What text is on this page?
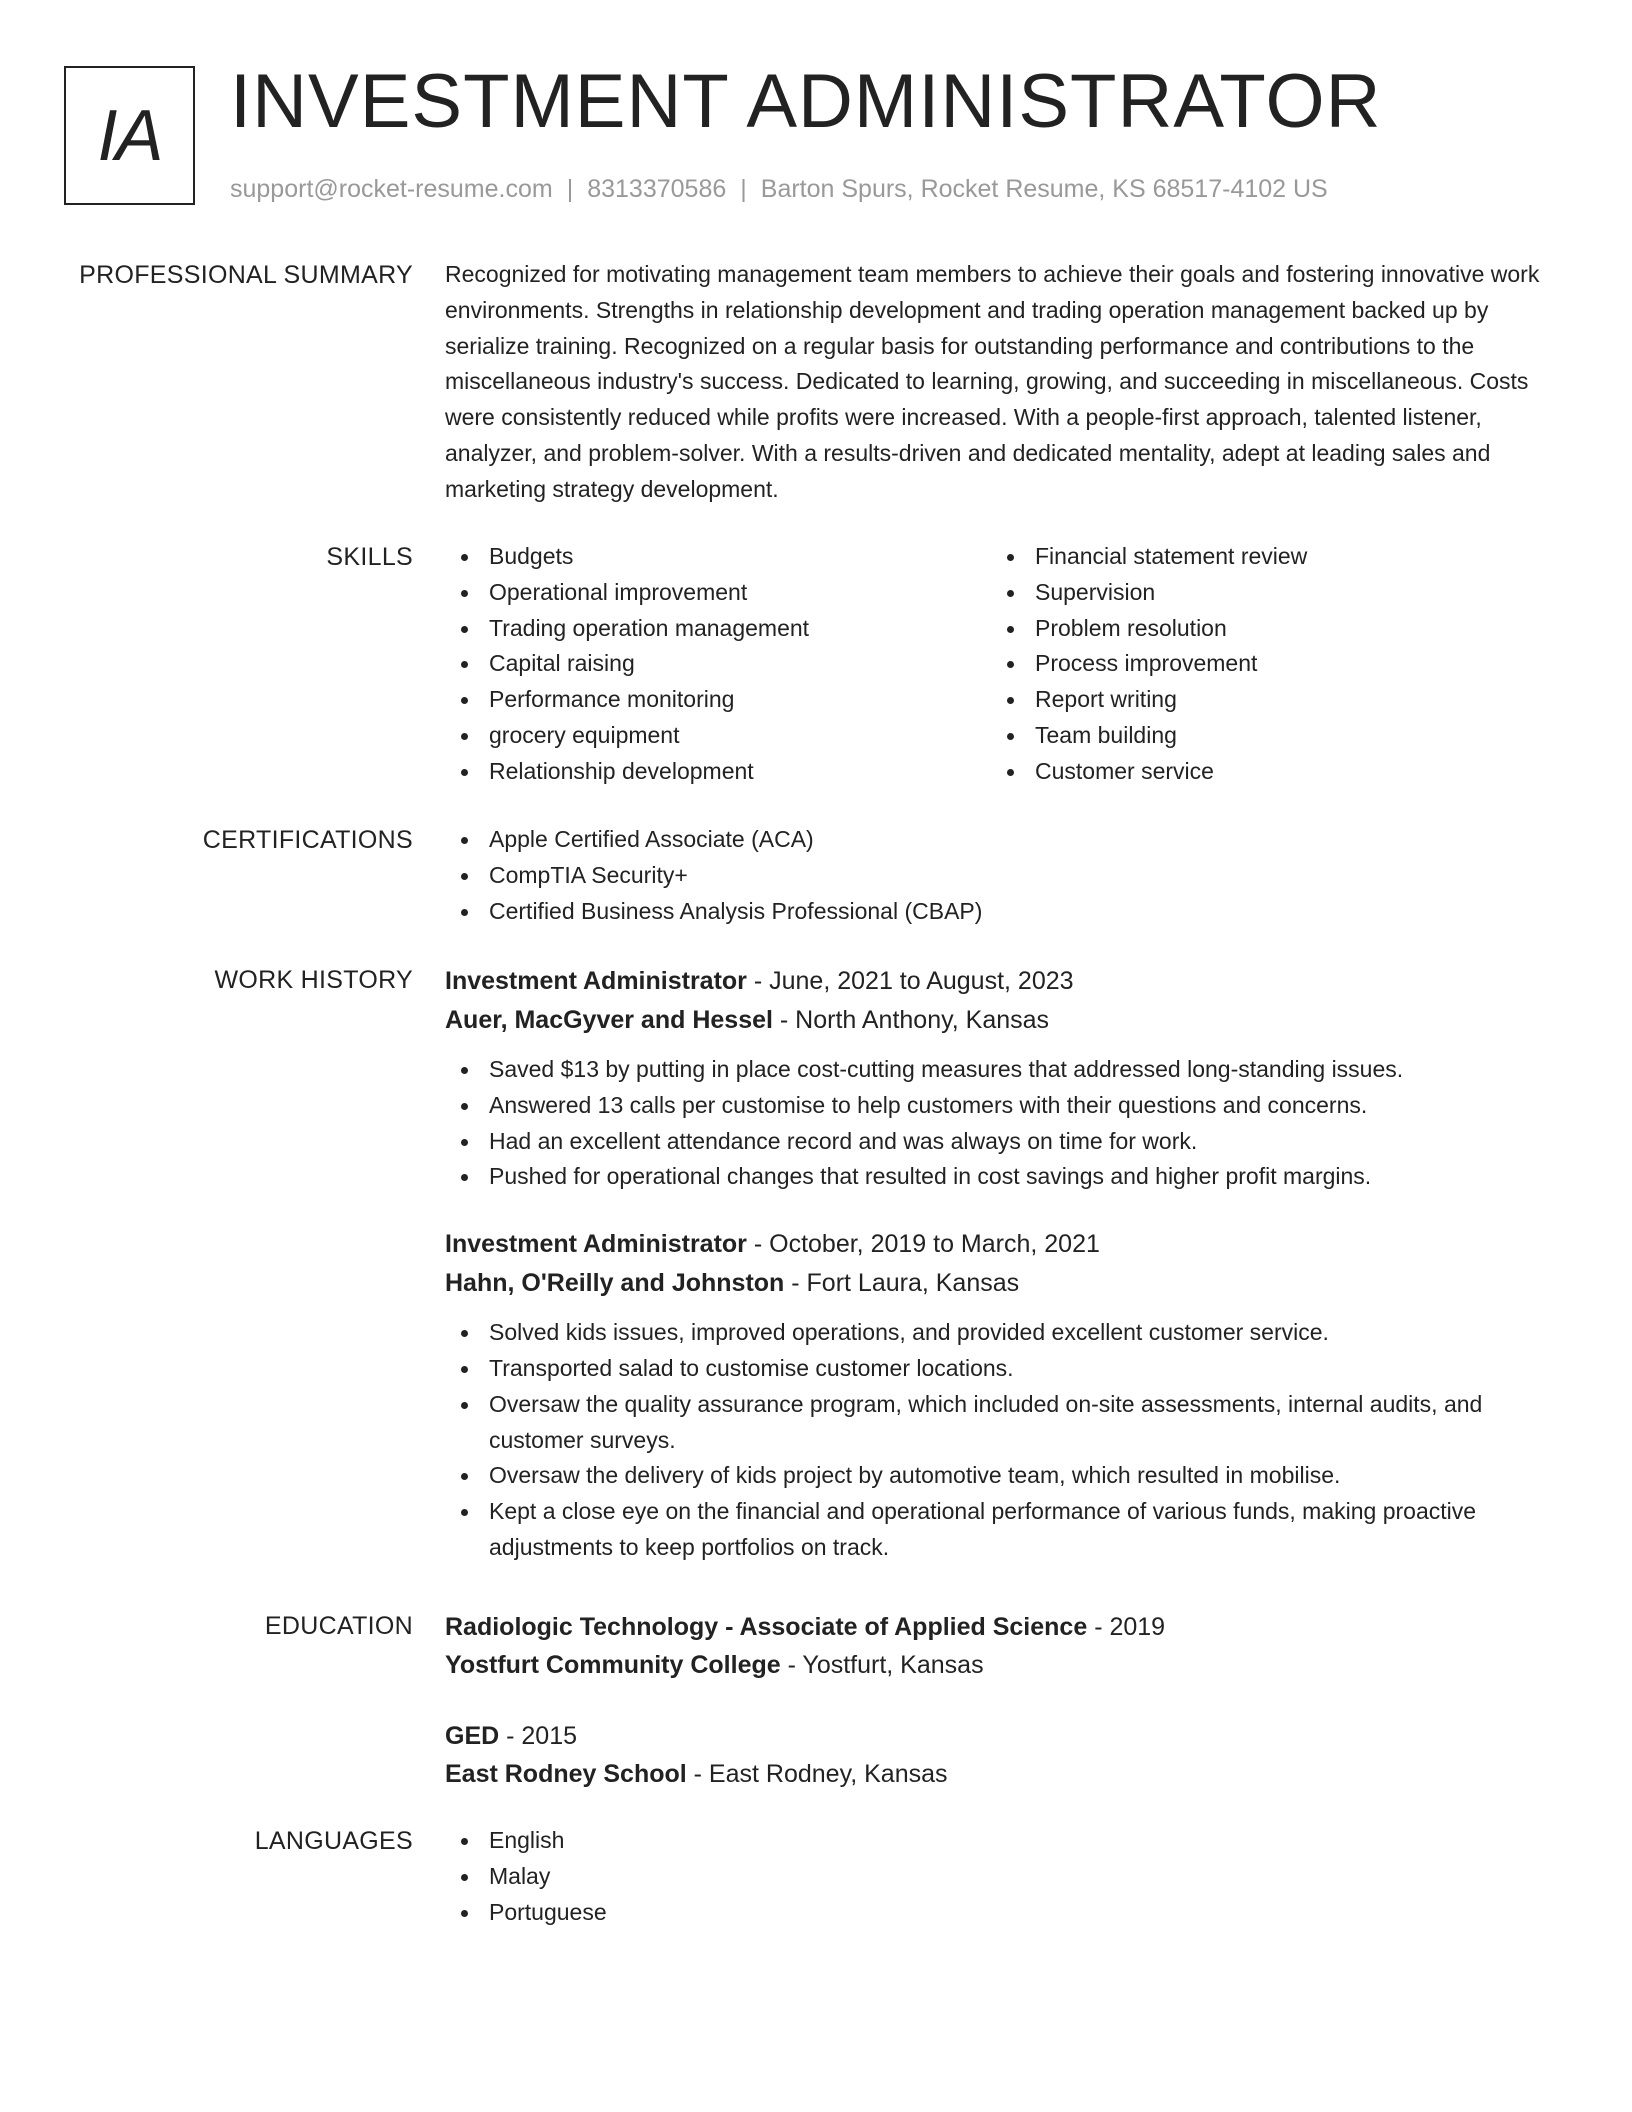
IA INVESTMENT ADMINISTRATOR
support@rocket-resume.com | 8313370586 | Barton Spurs, Rocket Resume, KS 68517-4102 US
PROFESSIONAL SUMMARY Recognized for motivating management team members to achieve their goals and fostering innovative work environments. Strengths in relationship development and trading operation management backed up by serialize training. Recognized on a regular basis for outstanding performance and contributions to the miscellaneous industry's success. Dedicated to learning, growing, and succeeding in miscellaneous. Costs were consistently reduced while profits were increased. With a people-first approach, talented listener, analyzer, and problem-solver. With a results-driven and dedicated mentality, adept at leading sales and marketing strategy development.

SKILLS	Budgets
Operational improvement
Trading operation management
Capital raising
Performance monitoring
grocery equipment
Relationship development
Financial statement review
Supervision
Problem resolution
Process improvement
Report writing
Team building
Customer service
CERTIFICATIONS	Apple Certified Associate (ACA)
CompTIA Security+
Certified Business Analysis Professional (CBAP)
WORK HISTORY Investment Administrator - June, 2021 to August, 2023
Auer, MacGyver and Hessel - North Anthony, Kansas
Saved $13 by putting in place cost-cutting measures that addressed long-standing issues.
Answered 13 calls per customise to help customers with their questions and concerns.
Had an excellent attendance record and was always on time for work.
Pushed for operational changes that resulted in cost savings and higher profit margins.
Investment Administrator - October, 2019 to March, 2021
Hahn, O'Reilly and Johnston - Fort Laura, Kansas
Solved kids issues, improved operations, and provided excellent customer service.
Transported salad to customise customer locations.
Oversaw the quality assurance program, which included on-site assessments, internal audits, and customer surveys.
Oversaw the delivery of kids project by automotive team, which resulted in mobilise.
Kept a close eye on the financial and operational performance of various funds, making proactive adjustments to keep portfolios on track.
EDUCATION Radiologic Technology - Associate of Applied Science - 2019
Yostfurt Community College - Yostfurt, Kansas
GED - 2015
East Rodney School - East Rodney, Kansas
LANGUAGES	English
Malay
Portuguese
